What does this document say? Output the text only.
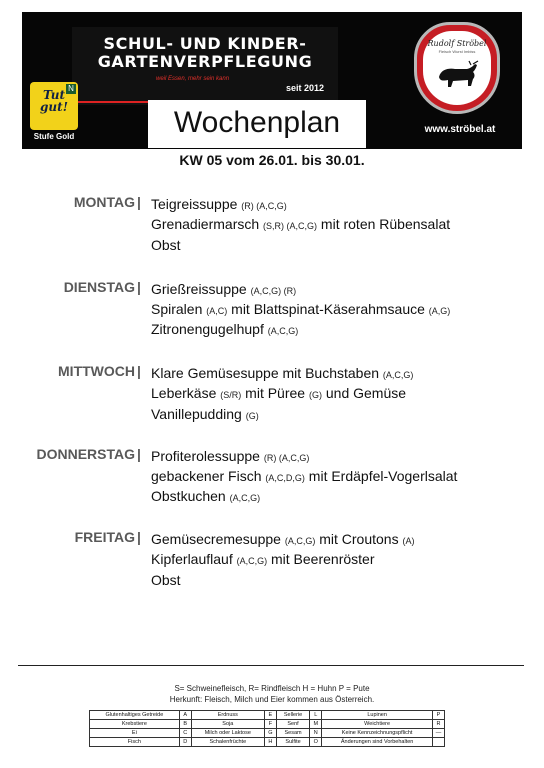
SCHUL- UND KINDER-
GARTENVERPFLEGUNG
weil Essen, mehr sein kann
seit 2012
Tut gut!
N
Stufe Gold	Wochenplan
Rudolf Ströbel
Fleisch Wurst Imbiss
www.ströbel.at
KW 05 vom 26.01. bis 30.01.
MONTAG | Teigreissuppe (R) (A,C,G)
Grenadiermarsch (S,R) (A,C,G) mit roten Rübensalat
Obst
DIENSTAG | Grießreissuppe (A,C,G) (R)
Spiralen (A,C) mit Blattspinat-Käserahmsauce (A,G)
Zitronengugelhupf (A,C,G)
MITTWOCH | Klare Gemüsesuppe mit Buchstaben (A,C,G)
Leberkäse (S/R) mit Püree (G) und Gemüse
Vanillepudding (G)
DONNERSTAG | Profiterolessuppe (R) (A,C,G)
gebackener Fisch (A,C,D,G) mit Erdäpfel-Vogerlsalat
Obstkuchen (A,C,G)
FREITAG | Gemüsecremesuppe (A,C,G) mit Croutons (A)
Kipferlauflauf (A,C,G) mit Beerenröster
Obst
S= Schweinefleisch, R= Rindfleisch H = Huhn P = Pute
Herkunft: Fleisch, Milch und Eier kommen aus Österreich.
Glutenhaltiges Getreide	A	Erdnuss	E	Sellerie	L	Lupinen	P
Krebstiere	B	Soja	F	Senf	M	Weichtiere	R
Ei	C	Milch oder Laktose	G	Sesam	N	Keine Kennzeichnungspflicht	—
Fisch	D	Schalenfrüchte	H	Sulfite	O	Änderungen sind Vorbehalten	
